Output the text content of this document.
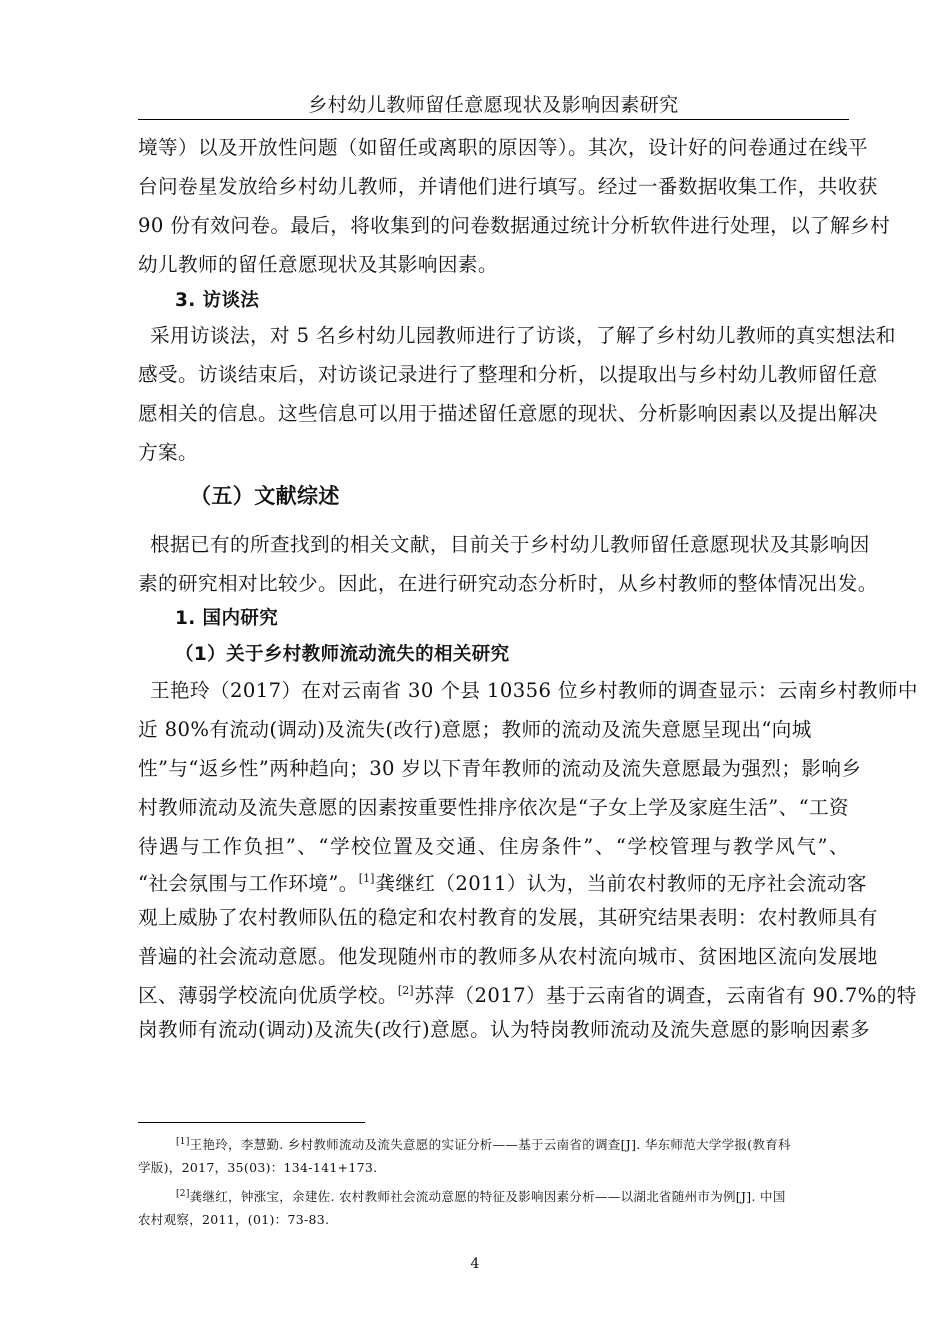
乡村幼儿教师留任意愿现状及影响因素研究
境等）以及开放性问题（如留任或离职的原因等）。其次，设计好的问卷通过在线平
台问卷星发放给乡村幼儿教师，并请他们进行填写。经过一番数据收集工作，共收获
90 份有效问卷。最后，将收集到的问卷数据通过统计分析软件进行处理，以了解乡村
幼儿教师的留任意愿现状及其影响因素。
3. 访谈法
采用访谈法，对 5 名乡村幼儿园教师进行了访谈，了解了乡村幼儿教师的真实想法和
感受。访谈结束后，对访谈记录进行了整理和分析，以提取出与乡村幼儿教师留任意
愿相关的信息。这些信息可以用于描述留任意愿的现状、分析影响因素以及提出解决
方案。
（五）文献综述
根据已有的所查找到的相关文献，目前关于乡村幼儿教师留任意愿现状及其影响因
素的研究相对比较少。因此，在进行研究动态分析时，从乡村教师的整体情况出发。
1. 国内研究
（1）关于乡村教师流动流失的相关研究
王艳玲（2017）在对云南省 30 个县 10356 位乡村教师的调查显示：云南乡村教师中
近 80%有流动(调动)及流失(改行)意愿；教师的流动及流失意愿呈现出“向城
性”与“返乡性”两种趋向；30 岁以下青年教师的流动及流失意愿最为强烈；影响乡
村教师流动及流失意愿的因素按重要性排序依次是“子女上学及家庭生活”、“工资
待遇与工作负担”、“学校位置及交通、住房条件”、“学校管理与教学风气”、
“社会氛围与工作环境”。[1]龚继红（2011）认为，当前农村教师的无序社会流动客
观上威胁了农村教师队伍的稳定和农村教育的发展，其研究结果表明：农村教师具有
普遍的社会流动意愿。他发现随州市的教师多从农村流向城市、贫困地区流向发展地
区、薄弱学校流向优质学校。[2]苏萍（2017）基于云南省的调查，云南省有 90.7%的特
岗教师有流动(调动)及流失(改行)意愿。认为特岗教师流动及流失意愿的影响因素多
[1]王艳玲，李慧勤. 乡村教师流动及流失意愿的实证分析——基于云南省的调查[J]. 华东师范大学学报(教育科
学版)，2017，35(03)：134-141+173.
[2]龚继红，钟涨宝，余建佐. 农村教师社会流动意愿的特征及影响因素分析——以湖北省随州市为例[J]. 中国
农村观察，2011，(01)：73-83.
4
